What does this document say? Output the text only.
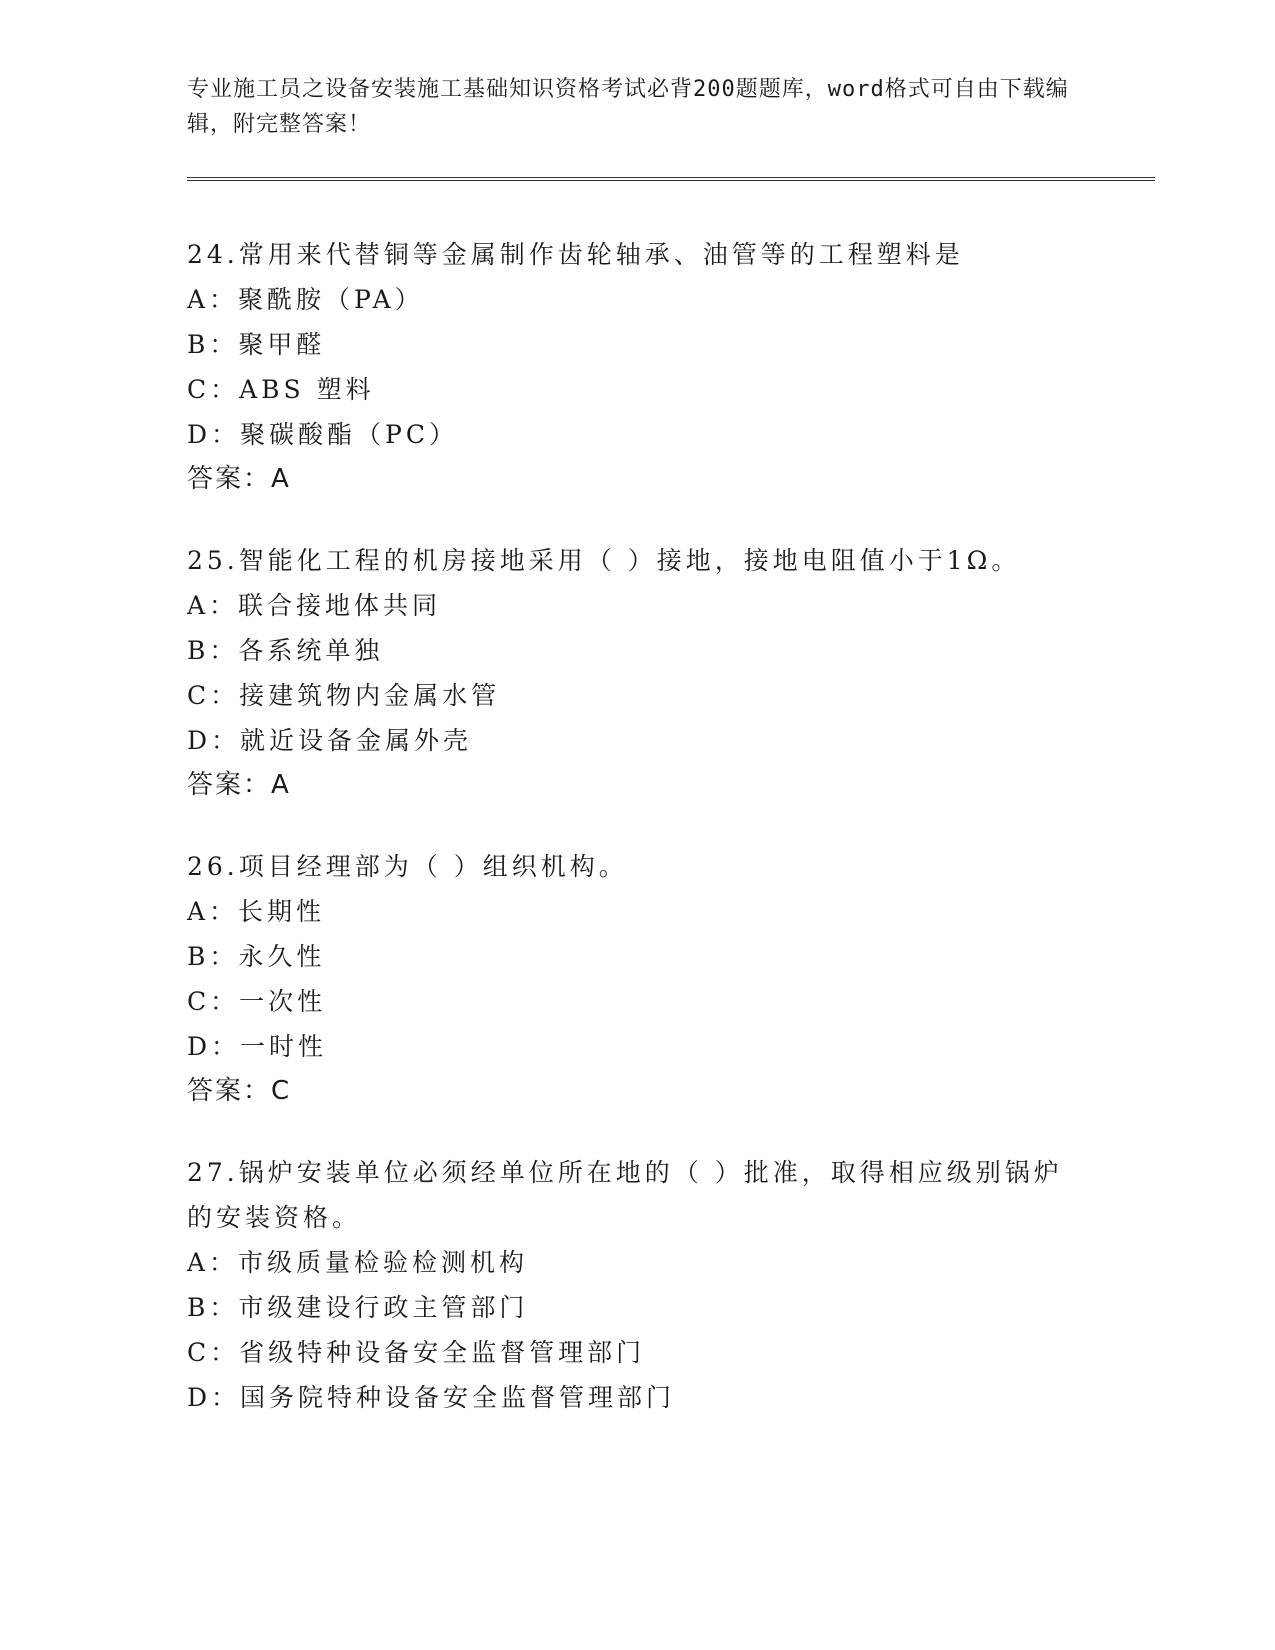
专业施工员之设备安装施工基础知识资格考试必背200题题库，word格式可自由下载编辑，附完整答案！

24.常用来代替铜等金属制作齿轮轴承、油管等的工程塑料是

A：聚酰胺（PA）

B：聚甲醛

C：ABS 塑料

D：聚碳酸酯（PC）

答案：A

25.智能化工程的机房接地采用（ ）接地，接地电阻值小于1Ω。

A：联合接地体共同

B：各系统单独

C：接建筑物内金属水管

D：就近设备金属外壳

答案：A

26.项目经理部为（ ）组织机构。

A：长期性

B：永久性

C：一次性

D：一时性

答案：C

27.锅炉安装单位必须经单位所在地的（ ）批准，取得相应级别锅炉的安装资格。

A：市级质量检验检测机构

B：市级建设行政主管部门

C：省级特种设备安全监督管理部门

D：国务院特种设备安全监督管理部门
